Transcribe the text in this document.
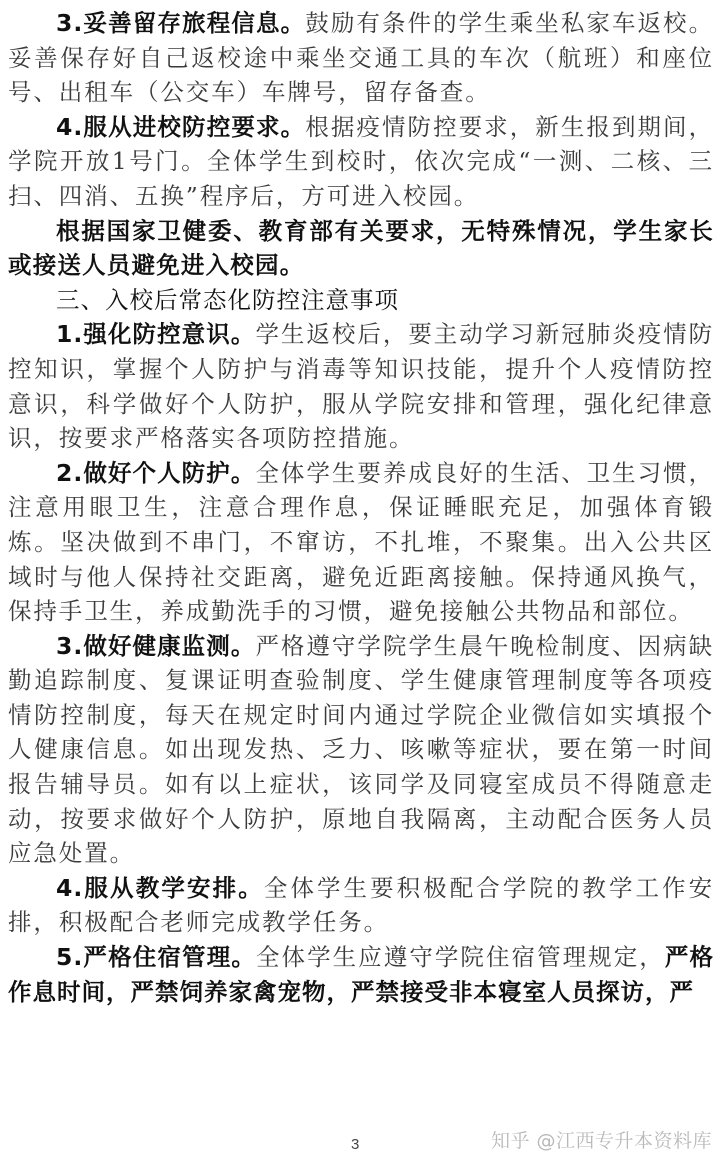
3.妥善留存旅程信息。鼓励有条件的学生乘坐私家车返校。妥善保存好自己返校途中乘坐交通工具的车次（航班）和座位号、出租车（公交车）车牌号，留存备查。

4.服从进校防控要求。根据疫情防控要求，新生报到期间，学院开放1号门。全体学生到校时，依次完成“一测、二核、三扫、四消、五换”程序后，方可进入校园。

根据国家卫健委、教育部有关要求，无特殊情况，学生家长或接送人员避免进入校园。

三、入校后常态化防控注意事项

1.强化防控意识。学生返校后，要主动学习新冠肺炎疫情防控知识，掌握个人防护与消毒等知识技能，提升个人疫情防控意识，科学做好个人防护，服从学院安排和管理，强化纪律意识，按要求严格落实各项防控措施。

2.做好个人防护。全体学生要养成良好的生活、卫生习惯，注意用眼卫生，注意合理作息，保证睡眠充足，加强体育锻炼。坚决做到不串门，不窜访，不扎堆，不聚集。出入公共区域时与他人保持社交距离，避免近距离接触。保持通风换气，保持手卫生，养成勤洗手的习惯，避免接触公共物品和部位。

3.做好健康监测。严格遵守学院学生晨午晚检制度、因病缺勤追踪制度、复课证明查验制度、学生健康管理制度等各项疫情防控制度，每天在规定时间内通过学院企业微信如实填报个人健康信息。如出现发热、乏力、咳嗽等症状，要在第一时间报告辅导员。如有以上症状，该同学及同寝室成员不得随意走动，按要求做好个人防护，原地自我隔离，主动配合医务人员应急处置。

4.服从教学安排。全体学生要积极配合学院的教学工作安排，积极配合老师完成教学任务。

5.严格住宿管理。全体学生应遵守学院住宿管理规定，严格作息时间，严禁饲养家禽宠物，严禁接受非本寝室人员探访，严

3	知乎 @江西专升本资料库
